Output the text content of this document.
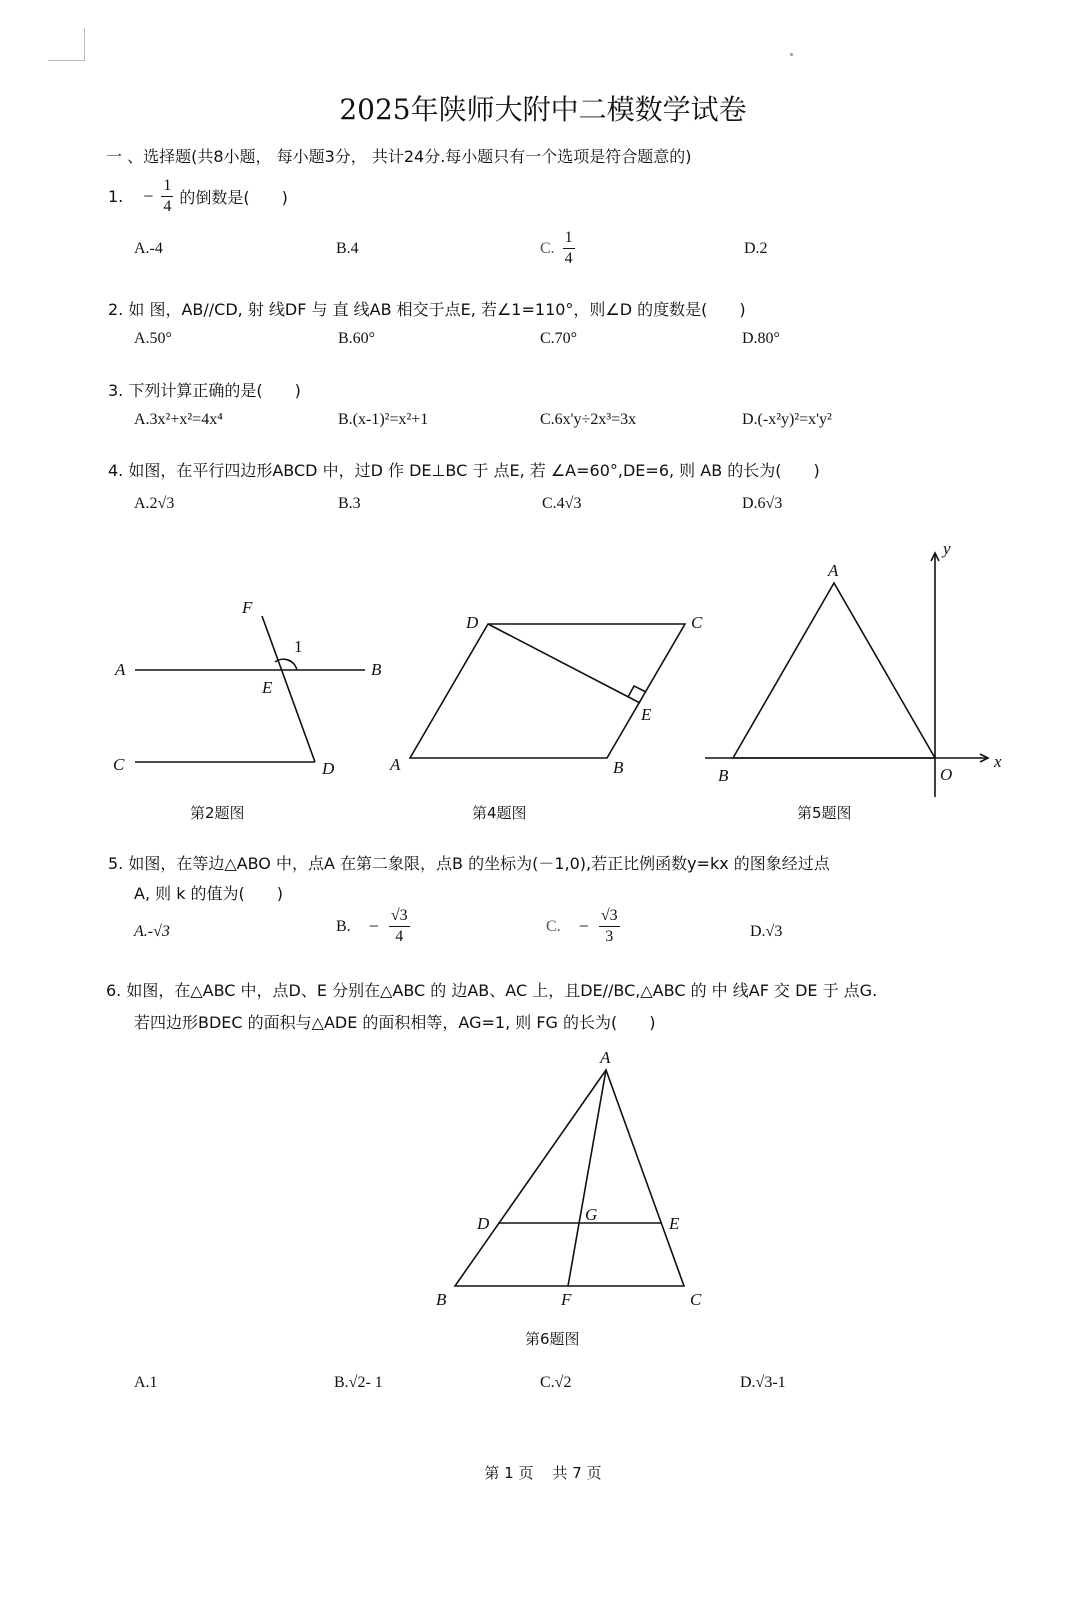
2025年陕师大附中二模数学试卷
一 、选择题(共8小题， 每小题3分， 共计24分.每小题只有一个选项是符合题意的)
1. − $\frac{1}{4}$ 的倒数是(　　)
A.-4	B.4	C. $\frac{1}{4}$	D.2
2. 如 图，AB//CD, 射 线DF 与 直 线AB 相交于点E, 若∠1=110°，则∠D 的度数是(　　)
A.50°	B.60°	C.70°	D.80°
3. 下列计算正确的是(　　)
A.3x²+x²=4x⁴	B.(x-1)²=x²+1	C.6x'y÷2x³=3x	D.(-x²y)²=x'y²
4. 如图，在平行四边形ABCD 中，过D 作 DE⊥BC 于 点E, 若 ∠A=60°,DE=6, 则 AB 的长为(　　)
A.2√3	B.3	C.4√3	D.6√3
F
1
A	B
E
C	D
D	C
E
A	B
y
A
B	O
x
第2题图	第4题图	第5题图
5. 如图，在等边△ABO 中，点A 在第二象限，点B 的坐标为(－1,0),若正比例函数y=kx 的图象经过点
A, 则 k 的值为(　　)
A.-√3	B. − $\frac{√3}{4}$	C. − $\frac{√3}{3}$	D.√3
6. 如图，在△ABC 中，点D、E 分别在△ABC 的 边AB、AC 上，且DE//BC,△ABC 的 中 线AF 交 DE 于 点G.
若四边形BDEC 的面积与△ADE 的面积相等，AG=1, 则 FG 的长为(　　)
A
D	G	E
B	F	C
第6题图
A.1	B.√2- 1	C.√2	D.√3-1
第 1 页    共 7 页
